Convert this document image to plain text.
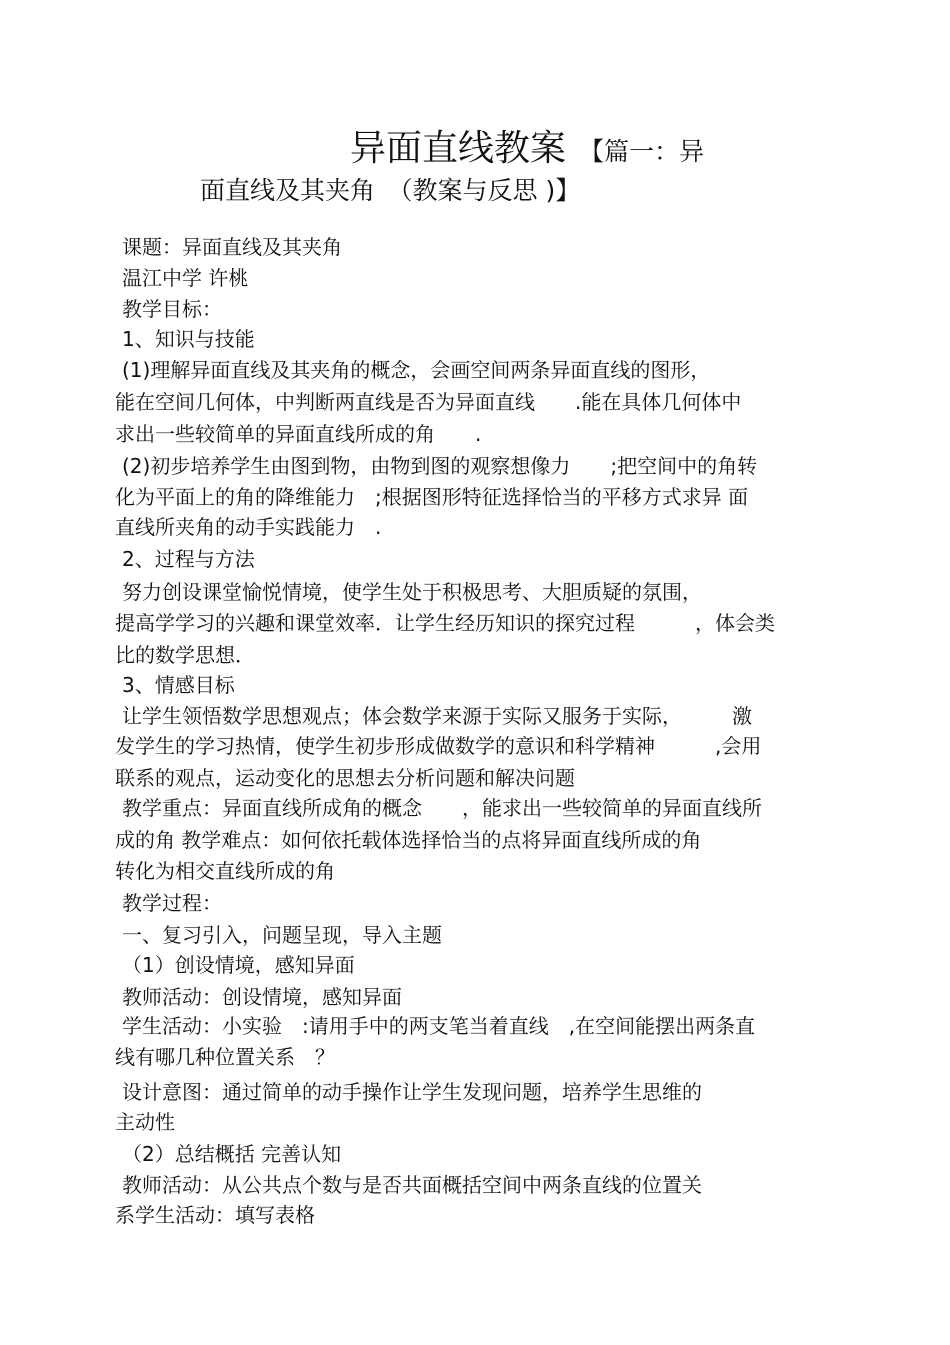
异面直线教案 【篇一：异
面直线及其夹角　（教案与反思 )】
课题：异面直线及其夹角
温江中学 许桃
教学目标：
1、知识与技能
(1)理解异面直线及其夹角的概念，会画空间两条异面直线的图形，
能在空间几何体，中判断两直线是否为异面直线　　.能在具体几何体中
求出一些较简单的异面直线所成的角　　.
(2)初步培养学生由图到物，由物到图的观察想像力　　;把空间中的角转
化为平面上的角的降维能力　;根据图形特征选择恰当的平移方式求异 面
直线所夹角的动手实践能力　.
2、过程与方法
努力创设课堂愉悦情境，使学生处于积极思考、大胆质疑的氛围，
提高学学习的兴趣和课堂效率．让学生经历知识的探究过程　　　，体会类
比的数学思想．
3、情感目标
让学生领悟数学思想观点；体会数学来源于实际又服务于实际，　　　激
发学生的学习热情，使学生初步形成做数学的意识和科学精神　　　,会用
联系的观点，运动变化的思想去分析问题和解决问题
教学重点：异面直线所成角的概念　　，能求出一些较简单的异面直线所
成的角 教学难点：如何依托载体选择恰当的点将异面直线所成的角
转化为相交直线所成的角
教学过程：
一、复习引入，问题呈现，导入主题
（1）创设情境，感知异面
教师活动：创设情境，感知异面
学生活动：小实验　:请用手中的两支笔当着直线　,在空间能摆出两条直
线有哪几种位置关系　？
设计意图：通过简单的动手操作让学生发现问题，培养学生思维的
主动性
（2）总结概括 完善认知
教师活动：从公共点个数与是否共面概括空间中两条直线的位置关
系学生活动：填写表格
